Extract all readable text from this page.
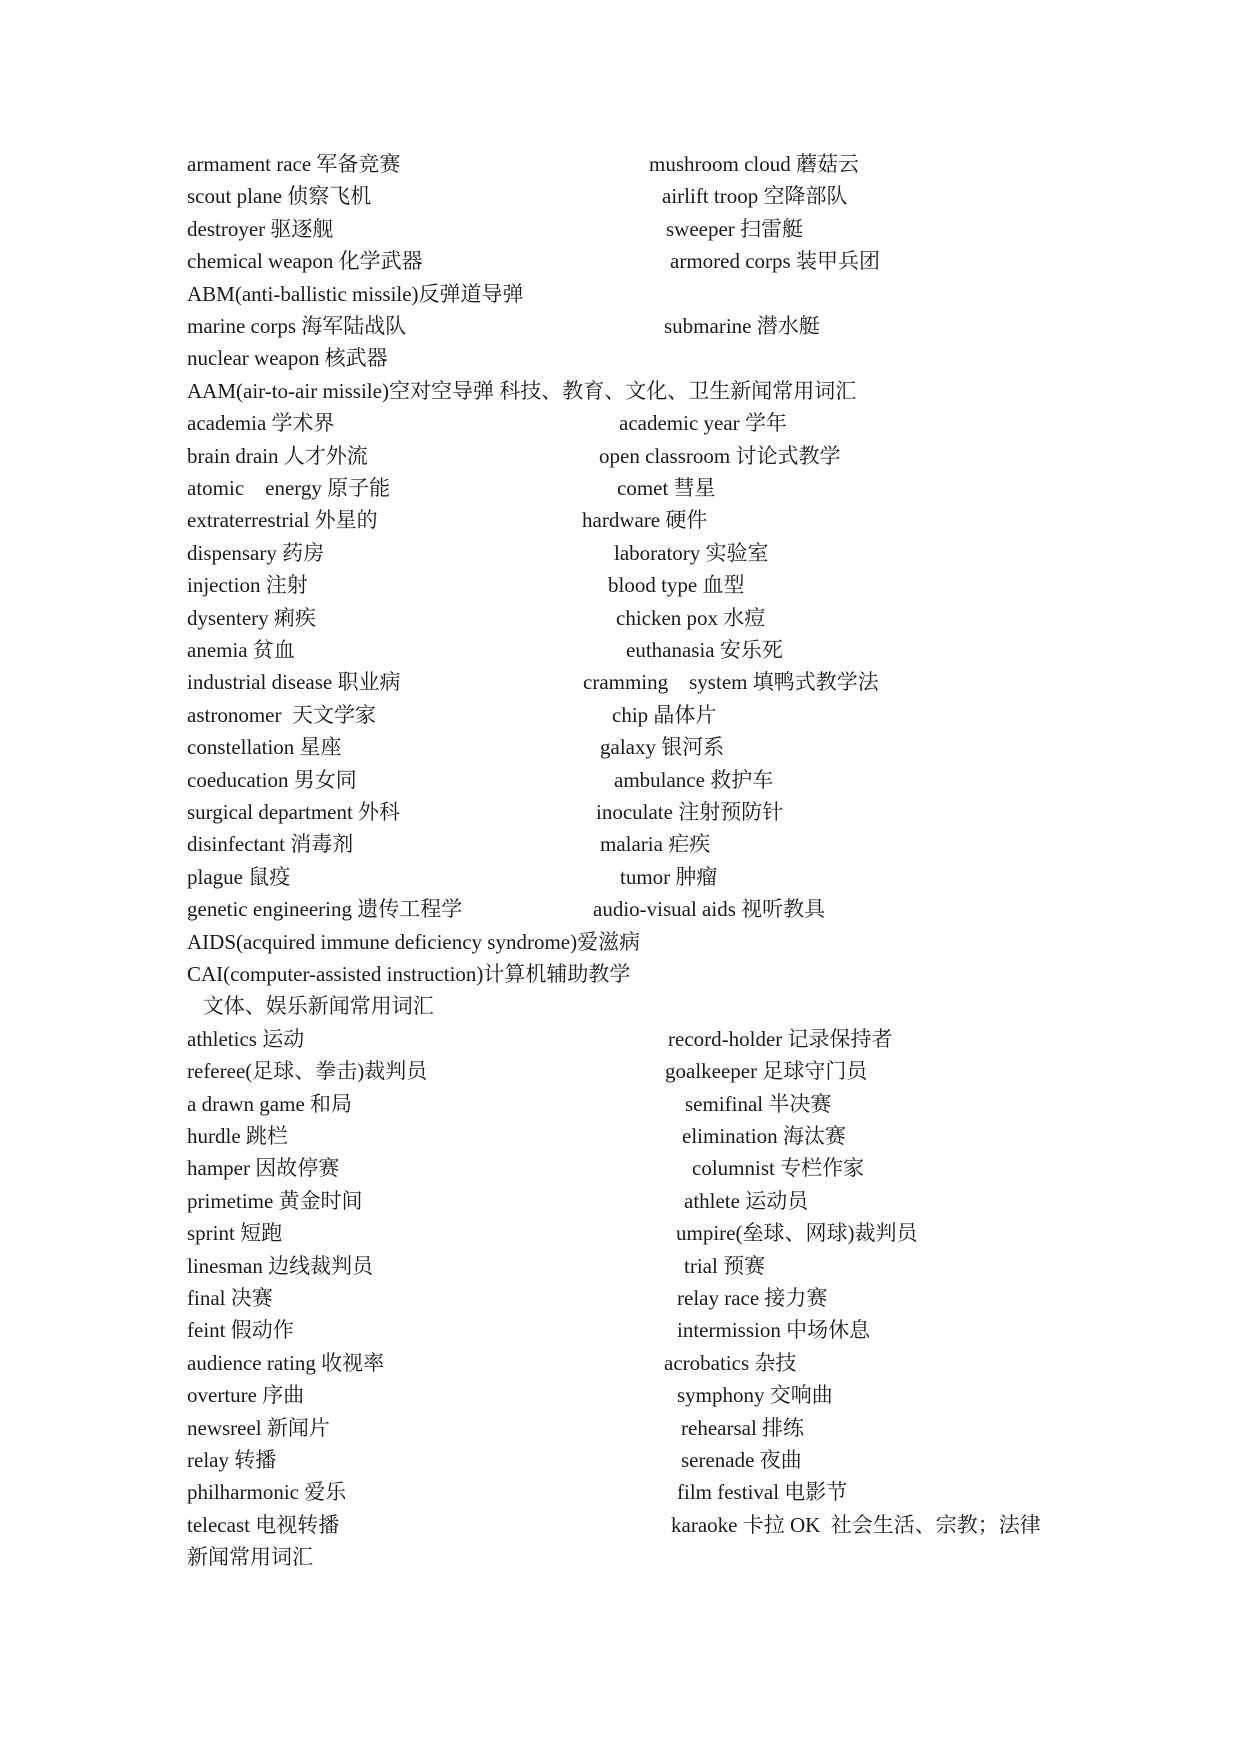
armament race 军备竞赛	mushroom cloud 蘑菇云
scout plane 侦察飞机	airlift troop 空降部队
destroyer 驱逐舰	sweeper 扫雷艇
chemical weapon 化学武器	armored corps 装甲兵团
ABM(anti-ballistic missile)反弹道导弹
marine corps 海军陆战队	submarine 潜水艇
nuclear weapon 核武器
AAM(air-to-air missile)空对空导弹 科技、教育、文化、卫生新闻常用词汇
academia 学术界	academic year 学年
brain drain 人才外流	open classroom 讨论式教学
atomic    energy 原子能	comet 彗星
extraterrestrial 外星的	hardware 硬件
dispensary 药房	laboratory 实验室
injection 注射	blood type 血型
dysentery 痢疾	chicken pox 水痘
anemia 贫血	euthanasia 安乐死
industrial disease 职业病	cramming    system 填鸭式教学法
astronomer  天文学家	chip 晶体片
constellation 星座	galaxy 银河系
coeducation 男女同	ambulance 救护车
surgical department 外科	inoculate 注射预防针
disinfectant 消毒剂	malaria 疟疾
plague 鼠疫	tumor 肿瘤
genetic engineering 遗传工程学	audio-visual aids 视听教具
AIDS(acquired immune deficiency syndrome)爱滋病
CAI(computer-assisted instruction)计算机辅助教学
文体、娱乐新闻常用词汇
athletics 运动	record-holder 记录保持者
referee(足球、拳击)裁判员	goalkeeper 足球守门员
a drawn game 和局	semifinal 半决赛
hurdle 跳栏	elimination 海汰赛
hamper 因故停赛	columnist 专栏作家
primetime 黄金时间	athlete 运动员
sprint 短跑	umpire(垒球、网球)裁判员
linesman 边线裁判员	trial 预赛
final 决赛	relay race 接力赛
feint 假动作	intermission 中场休息
audience rating 收视率	acrobatics 杂技
overture 序曲	symphony 交响曲
newsreel 新闻片	rehearsal 排练
relay 转播	serenade 夜曲
philharmonic 爱乐	film festival 电影节
telecast 电视转播	karaoke 卡拉 OK  社会生活、宗教；法律
新闻常用词汇
